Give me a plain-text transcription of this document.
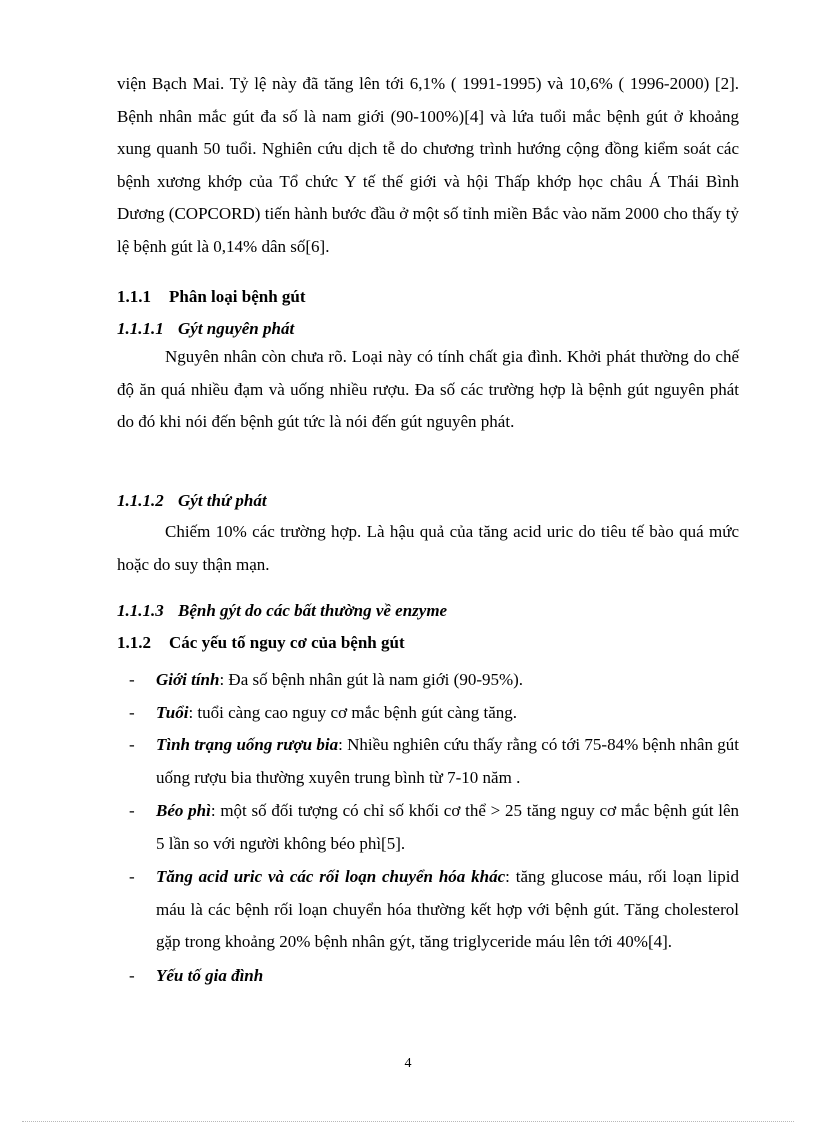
viện Bạch Mai. Tỷ lệ này đã tăng lên tới 6,1% ( 1991-1995) và 10,6% ( 1996-2000) [2]. Bệnh nhân mắc gút đa số là nam giới (90-100%)[4] và lứa tuổi mắc bệnh gút ở khoảng xung quanh 50 tuổi. Nghiên cứu dịch tễ do chương trình hướng cộng đồng kiểm soát các bệnh xương khớp của Tổ chức Y tế thế giới và hội Thấp khớp học châu Á Thái Bình Dương (COPCORD) tiến hành bước đầu ở một số tỉnh miền Bắc vào năm 2000 cho thấy tỷ lệ bệnh gút là 0,14% dân số[6].

1.1.1 Phân loại bệnh gút
1.1.1.1 Gýt nguyên phát

Nguyên nhân còn chưa rõ. Loại này có tính chất gia đình. Khởi phát thường do chế độ ăn quá nhiều đạm và uống nhiều rượu. Đa số các trường hợp là bệnh gút nguyên phát do đó khi nói đến bệnh gút tức là nói đến gút nguyên phát.

1.1.1.2 Gýt thứ phát

Chiếm 10% các trường hợp. Là hậu quả của tăng acid uric do tiêu tế bào quá mức hoặc do suy thận mạn.

1.1.1.3 Bệnh gýt do các bất thường về enzyme
1.1.2 Các yếu tố nguy cơ của bệnh gút
- Giới tính: Đa số bệnh nhân gút là nam giới (90-95%).
- Tuổi: tuổi càng cao nguy cơ mắc bệnh gút càng tăng.
- Tình trạng uống rượu bia: Nhiều nghiên cứu thấy rằng có tới 75-84% bệnh nhân gút uống rượu bia thường xuyên trung bình từ 7-10 năm .
- Béo phì: một số đối tượng có chỉ số khối cơ thể > 25 tăng nguy cơ mắc bệnh gút lên 5 lần so với người không béo phì[5].
- Tăng acid uric và các rối loạn chuyển hóa khác: tăng glucose máu, rối loạn lipid máu là các bệnh rối loạn chuyển hóa thường kết hợp với bệnh gút. Tăng cholesterol gặp trong khoảng 20% bệnh nhân gýt, tăng triglyceride máu lên tới 40%[4].
- Yếu tố gia đình
4
